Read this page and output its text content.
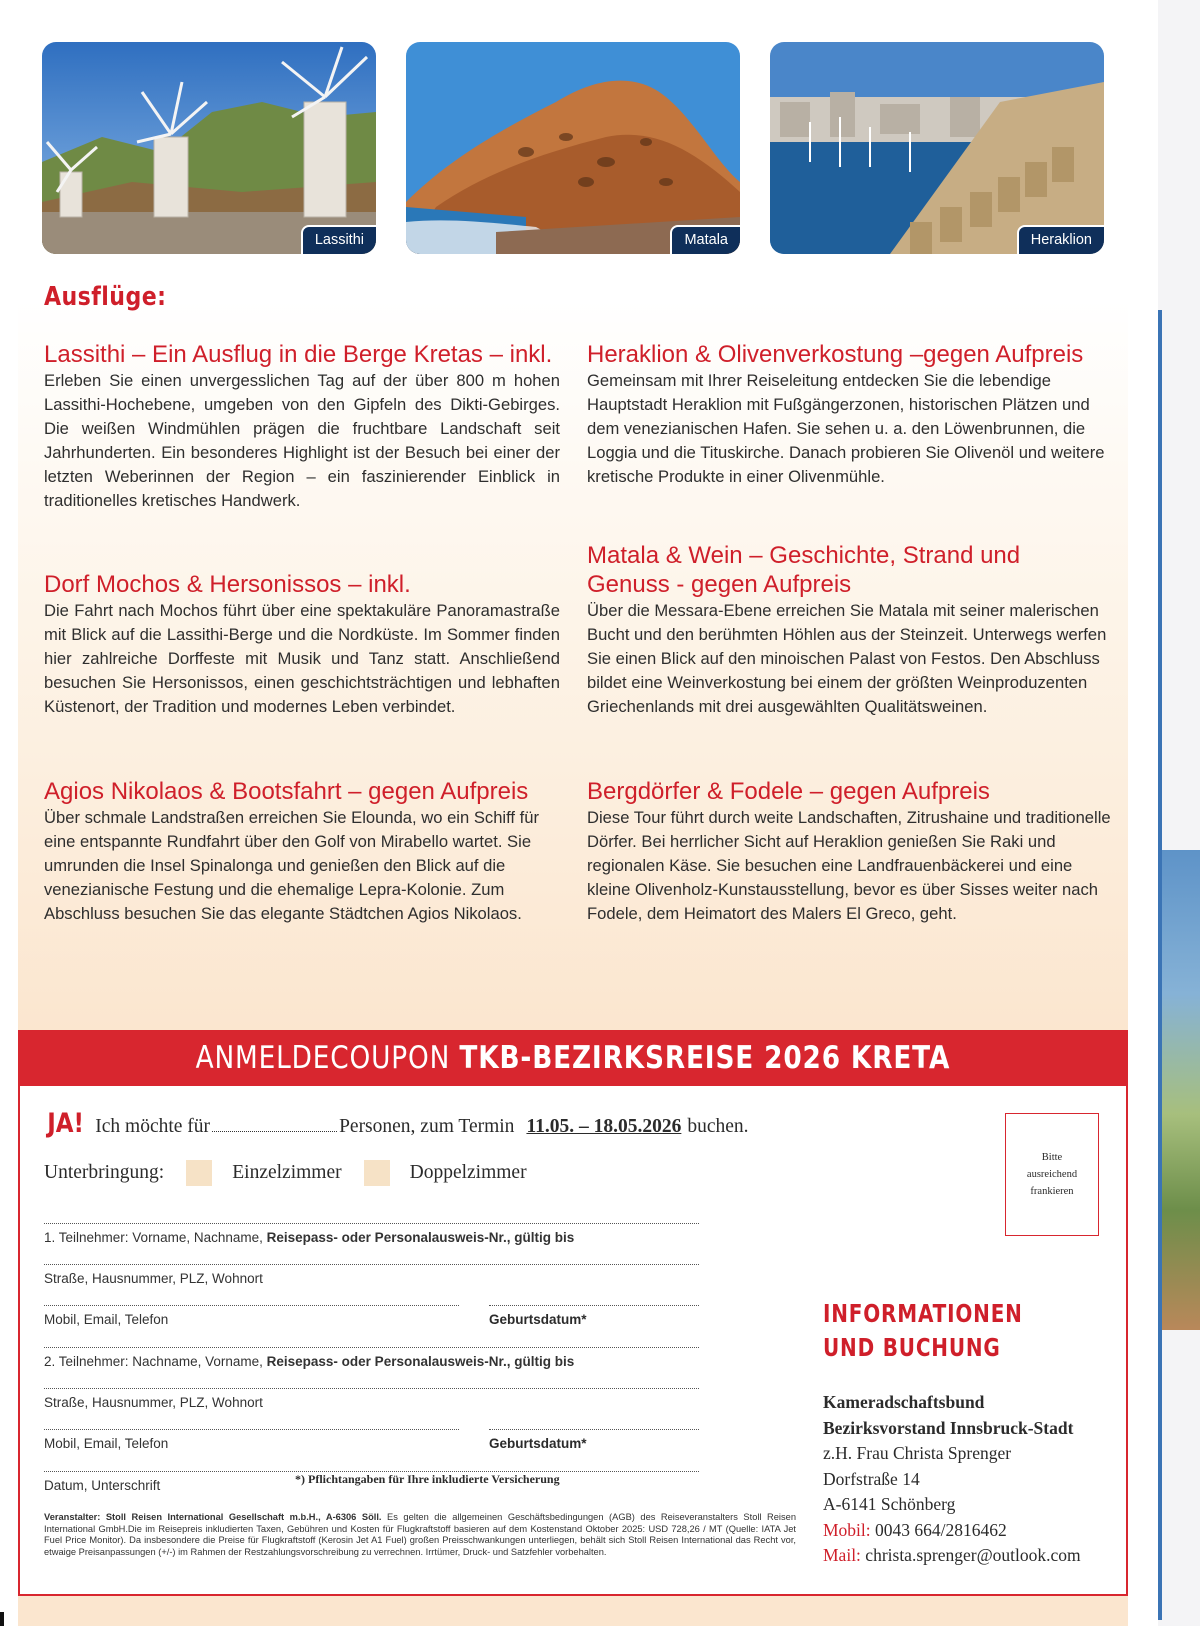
Lassithi	Matala	Heraklion
Ausflüge:
Lassithi – Ein Ausflug in die Berge Kretas – inkl.
Erleben Sie einen unvergesslichen Tag auf der über 800 m hohen Lassithi-Hochebene, umgeben von den Gipfeln des Dikti-Gebirges. Die weißen Windmühlen prägen die fruchtbare Landschaft seit Jahrhunderten. Ein besonderes Highlight ist der Besuch bei einer der letzten Weberinnen der Region – ein faszinierender Einblick in traditionelles kretisches Handwerk.
Dorf Mochos & Hersonissos – inkl.
Die Fahrt nach Mochos führt über eine spektakuläre Panoramastraße mit Blick auf die Lassithi-Berge und die Nordküste. Im Sommer finden hier zahlreiche Dorffeste mit Musik und Tanz statt. Anschließend besuchen Sie Hersonissos, einen geschichtsträchtigen und lebhaften Küstenort, der Tradition und modernes Leben verbindet.
Agios Nikolaos & Bootsfahrt – gegen Aufpreis
Über schmale Landstraßen erreichen Sie Elounda, wo ein Schiff für eine entspannte Rundfahrt über den Golf von Mirabello wartet. Sie umrunden die Insel Spinalonga und genießen den Blick auf die venezianische Festung und die ehemalige Lepra-Kolonie. Zum Abschluss besuchen Sie das elegante Städtchen Agios Nikolaos.
Heraklion & Olivenverkostung –gegen Aufpreis
Gemeinsam mit Ihrer Reiseleitung entdecken Sie die lebendige Hauptstadt Heraklion mit Fußgängerzonen, historischen Plätzen und dem venezianischen Hafen. Sie sehen u. a. den Löwenbrunnen, die Loggia und die Tituskirche. Danach probieren Sie Olivenöl und weitere kretische Produkte in einer Olivenmühle.
Matala & Wein – Geschichte, Strand und Genuss - gegen Aufpreis
Über die Messara-Ebene erreichen Sie Matala mit seiner malerischen Bucht und den berühmten Höhlen aus der Steinzeit. Unterwegs werfen Sie einen Blick auf den minoischen Palast von Festos. Den Abschluss bildet eine Weinverkostung bei einem der größten Weinproduzenten Griechenlands mit drei ausgewählten Qualitätsweinen.
Bergdörfer & Fodele – gegen Aufpreis
Diese Tour führt durch weite Landschaften, Zitrushaine und traditionelle Dörfer. Bei herrlicher Sicht auf Heraklion genießen Sie Raki und regionalen Käse. Sie besuchen eine Landfrauenbäckerei und eine kleine Olivenholz-Kunstausstellung, bevor es über Sisses weiter nach Fodele, dem Heimatort des Malers El Greco, geht.
ANMELDECOUPON TKB-BEZIRKSREISE 2026 KRETA
JA! Ich möchte für	Personen, zum Termin 11.05. – 18.05.2026 buchen.
Unterbringung:	Einzelzimmer	Doppelzimmer
1. Teilnehmer: Vorname, Nachname, Reisepass- oder Personalausweis-Nr., gültig bis
Straße, Hausnummer, PLZ, Wohnort
Mobil, Email, Telefon	Geburtsdatum*
2. Teilnehmer: Nachname, Vorname, Reisepass- oder Personalausweis-Nr., gültig bis
Straße, Hausnummer, PLZ, Wohnort
Mobil, Email, Telefon	Geburtsdatum*
Datum, Unterschrift	*) Pflichtangaben für Ihre inkludierte Versicherung
Bitte
ausreichend
frankieren
INFORMATIONEN
UND BUCHUNG
Kameradschaftsbund
Bezirksvorstand Innsbruck-Stadt
z.H. Frau Christa Sprenger
Dorfstraße 14
A-6141 Schönberg
Mobil: 0043 664/2816462
Mail: christa.sprenger@outlook.com
Veranstalter: Stoll Reisen International Gesellschaft m.b.H., A-6306 Söll. Es gelten die allgemeinen Geschäftsbedingungen (AGB) des Reiseveranstalters Stoll Reisen International GmbH.Die im Reisepreis inkludierten Taxen, Gebühren und Kosten für Flugkraftstoff basieren auf dem Kostenstand Oktober 2025: USD 728,26 / MT (Quelle: IATA Jet Fuel Price Monitor). Da insbesondere die Preise für Flugkraftstoff (Kerosin Jet A1 Fuel) großen Preisschwankungen unterliegen, behält sich Stoll Reisen International das Recht vor, etwaige Preisanpassungen (+/-) im Rahmen der Restzahlungsvorschreibung zu verrechnen. Irrtümer, Druck- und Satzfehler vorbehalten.
